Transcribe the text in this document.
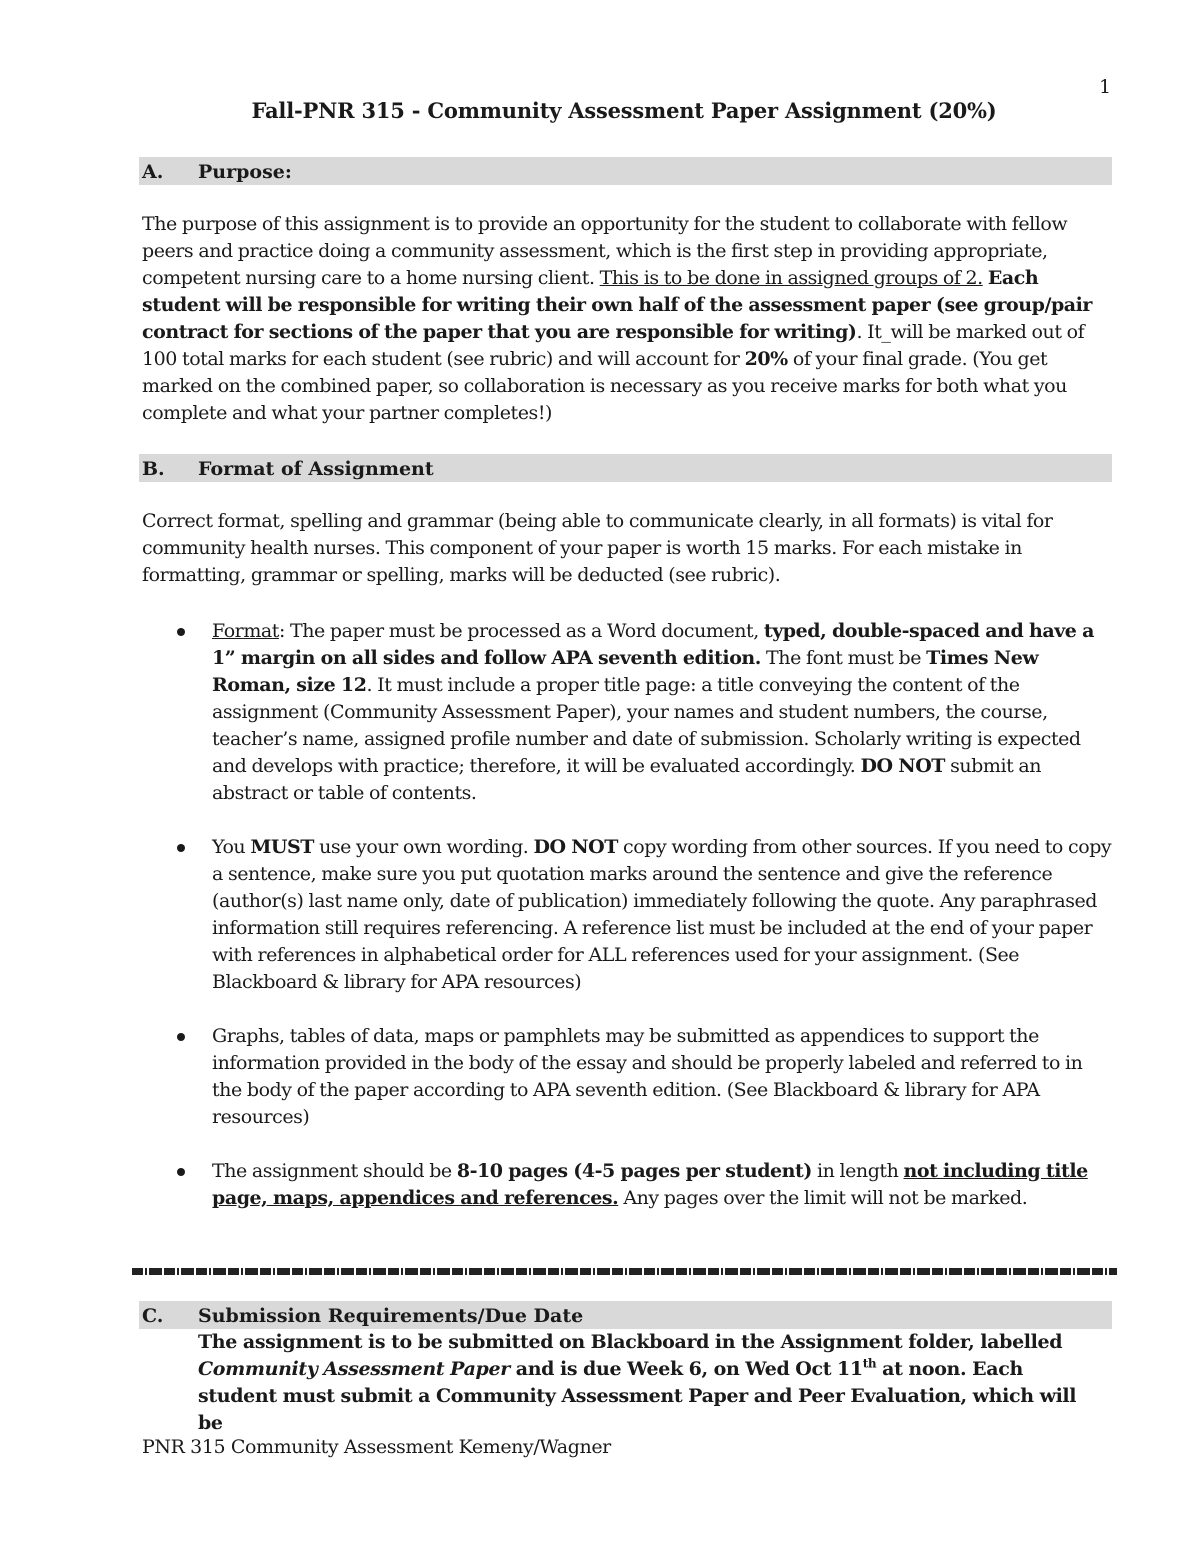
1
Fall-PNR 315 - Community Assessment Paper Assignment (20%)
A. Purpose:
The purpose of this assignment is to provide an opportunity for the student to collaborate with fellow peers and practice doing a community assessment, which is the first step in providing appropriate, competent nursing care to a home nursing client. This is to be done in assigned groups of 2. Each student will be responsible for writing their own half of the assessment paper (see group/pair contract for sections of the paper that you are responsible for writing). It_will be marked out of 100 total marks for each student (see rubric) and will account for 20% of your final grade. (You get marked on the combined paper, so collaboration is necessary as you receive marks for both what you complete and what your partner completes!)
B. Format of Assignment
Correct format, spelling and grammar (being able to communicate clearly, in all formats) is vital for community health nurses. This component of your paper is worth 15 marks. For each mistake in formatting, grammar or spelling, marks will be deducted (see rubric).
Format: The paper must be processed as a Word document, typed, double-spaced and have a 1” margin on all sides and follow APA seventh edition. The font must be Times New Roman, size 12. It must include a proper title page: a title conveying the content of the assignment (Community Assessment Paper), your names and student numbers, the course, teacher’s name, assigned profile number and date of submission. Scholarly writing is expected and develops with practice; therefore, it will be evaluated accordingly. DO NOT submit an abstract or table of contents.
You MUST use your own wording. DO NOT copy wording from other sources. If you need to copy a sentence, make sure you put quotation marks around the sentence and give the reference (author(s) last name only, date of publication) immediately following the quote. Any paraphrased information still requires referencing. A reference list must be included at the end of your paper with references in alphabetical order for ALL references used for your assignment. (See Blackboard & library for APA resources)
Graphs, tables of data, maps or pamphlets may be submitted as appendices to support the information provided in the body of the essay and should be properly labeled and referred to in the body of the paper according to APA seventh edition. (See Blackboard & library for APA resources)
The assignment should be 8-10 pages (4-5 pages per student) in length not including title page, maps, appendices and references. Any pages over the limit will not be marked.
C. Submission Requirements/Due Date
The assignment is to be submitted on Blackboard in the Assignment folder, labelled Community Assessment Paper and is due Week 6, on Wed Oct 11th at noon. Each student must submit a Community Assessment Paper and Peer Evaluation, which will be
PNR 315 Community Assessment Kemeny/Wagner
